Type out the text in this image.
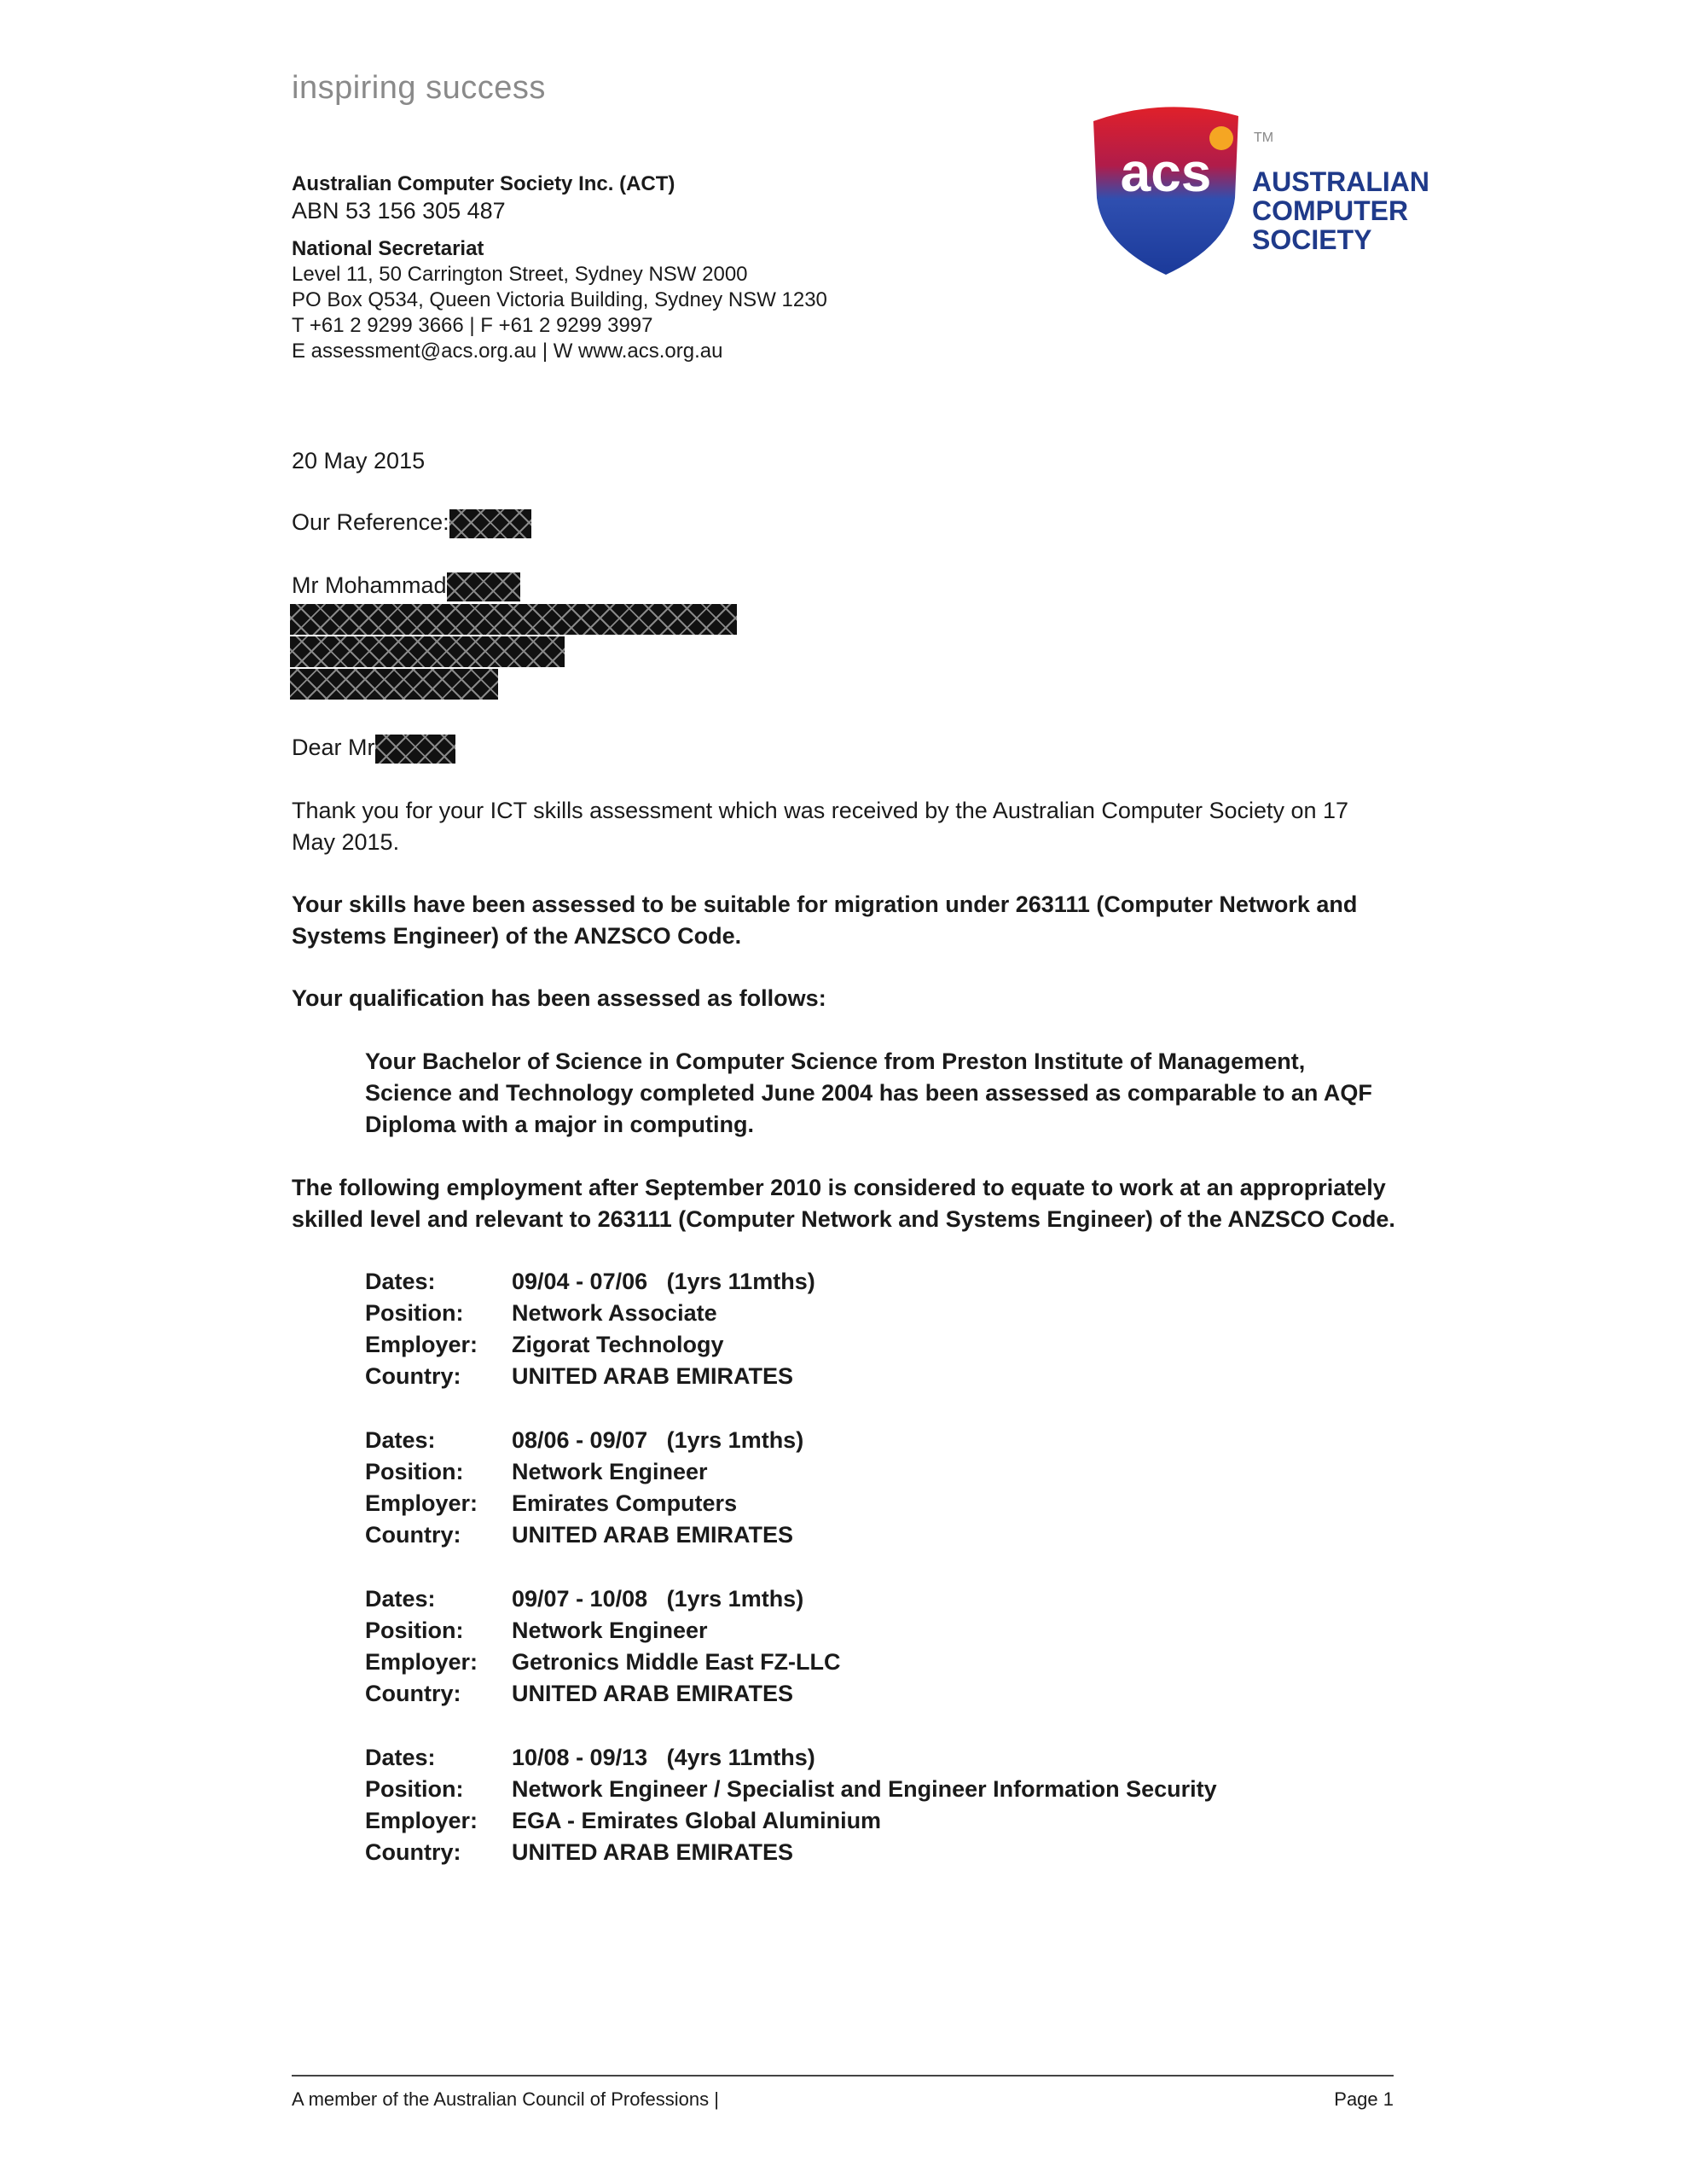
inspiring success
acs
TM
AUSTRALIAN
COMPUTER
SOCIETY
Australian Computer Society Inc. (ACT)
ABN 53 156 305 487
National Secretariat
Level 11, 50 Carrington Street, Sydney NSW 2000
PO Box Q534, Queen Victoria Building, Sydney NSW 1230
T +61 2 9299 3666 | F +61 2 9299 3997
E assessment@acs.org.au | W www.acs.org.au
20 May 2015
Our Reference:
Mr Mohammad
Dear Mr
Thank you for your ICT skills assessment which was received by the Australian Computer Society on 17 May 2015.
Your skills have been assessed to be suitable for migration under 263111 (Computer Network and Systems Engineer) of the ANZSCO Code.
Your qualification has been assessed as follows:
Your Bachelor of Science in Computer Science from Preston Institute of Management, Science and Technology completed June 2004 has been assessed as comparable to an AQF Diploma with a major in computing.
The following employment after September 2010 is considered to equate to work at an appropriately skilled level and relevant to 263111 (Computer Network and Systems Engineer) of the ANZSCO Code.
Dates:	09/04 - 07/06   (1yrs 11mths)
Position: Network Associate
Employer: Zigorat Technology
Country: UNITED ARAB EMIRATES
Dates:	08/06 - 09/07   (1yrs 1mths)
Position: Network Engineer
Employer: Emirates Computers
Country: UNITED ARAB EMIRATES
Dates:	09/07 - 10/08   (1yrs 1mths)
Position: Network Engineer
Employer: Getronics Middle East FZ-LLC
Country: UNITED ARAB EMIRATES
Dates:	10/08 - 09/13   (4yrs 11mths)
Position: Network Engineer / Specialist and Engineer Information Security
Employer: EGA - Emirates Global Aluminium
Country: UNITED ARAB EMIRATES
A member of the Australian Council of Professions |	Page 1
